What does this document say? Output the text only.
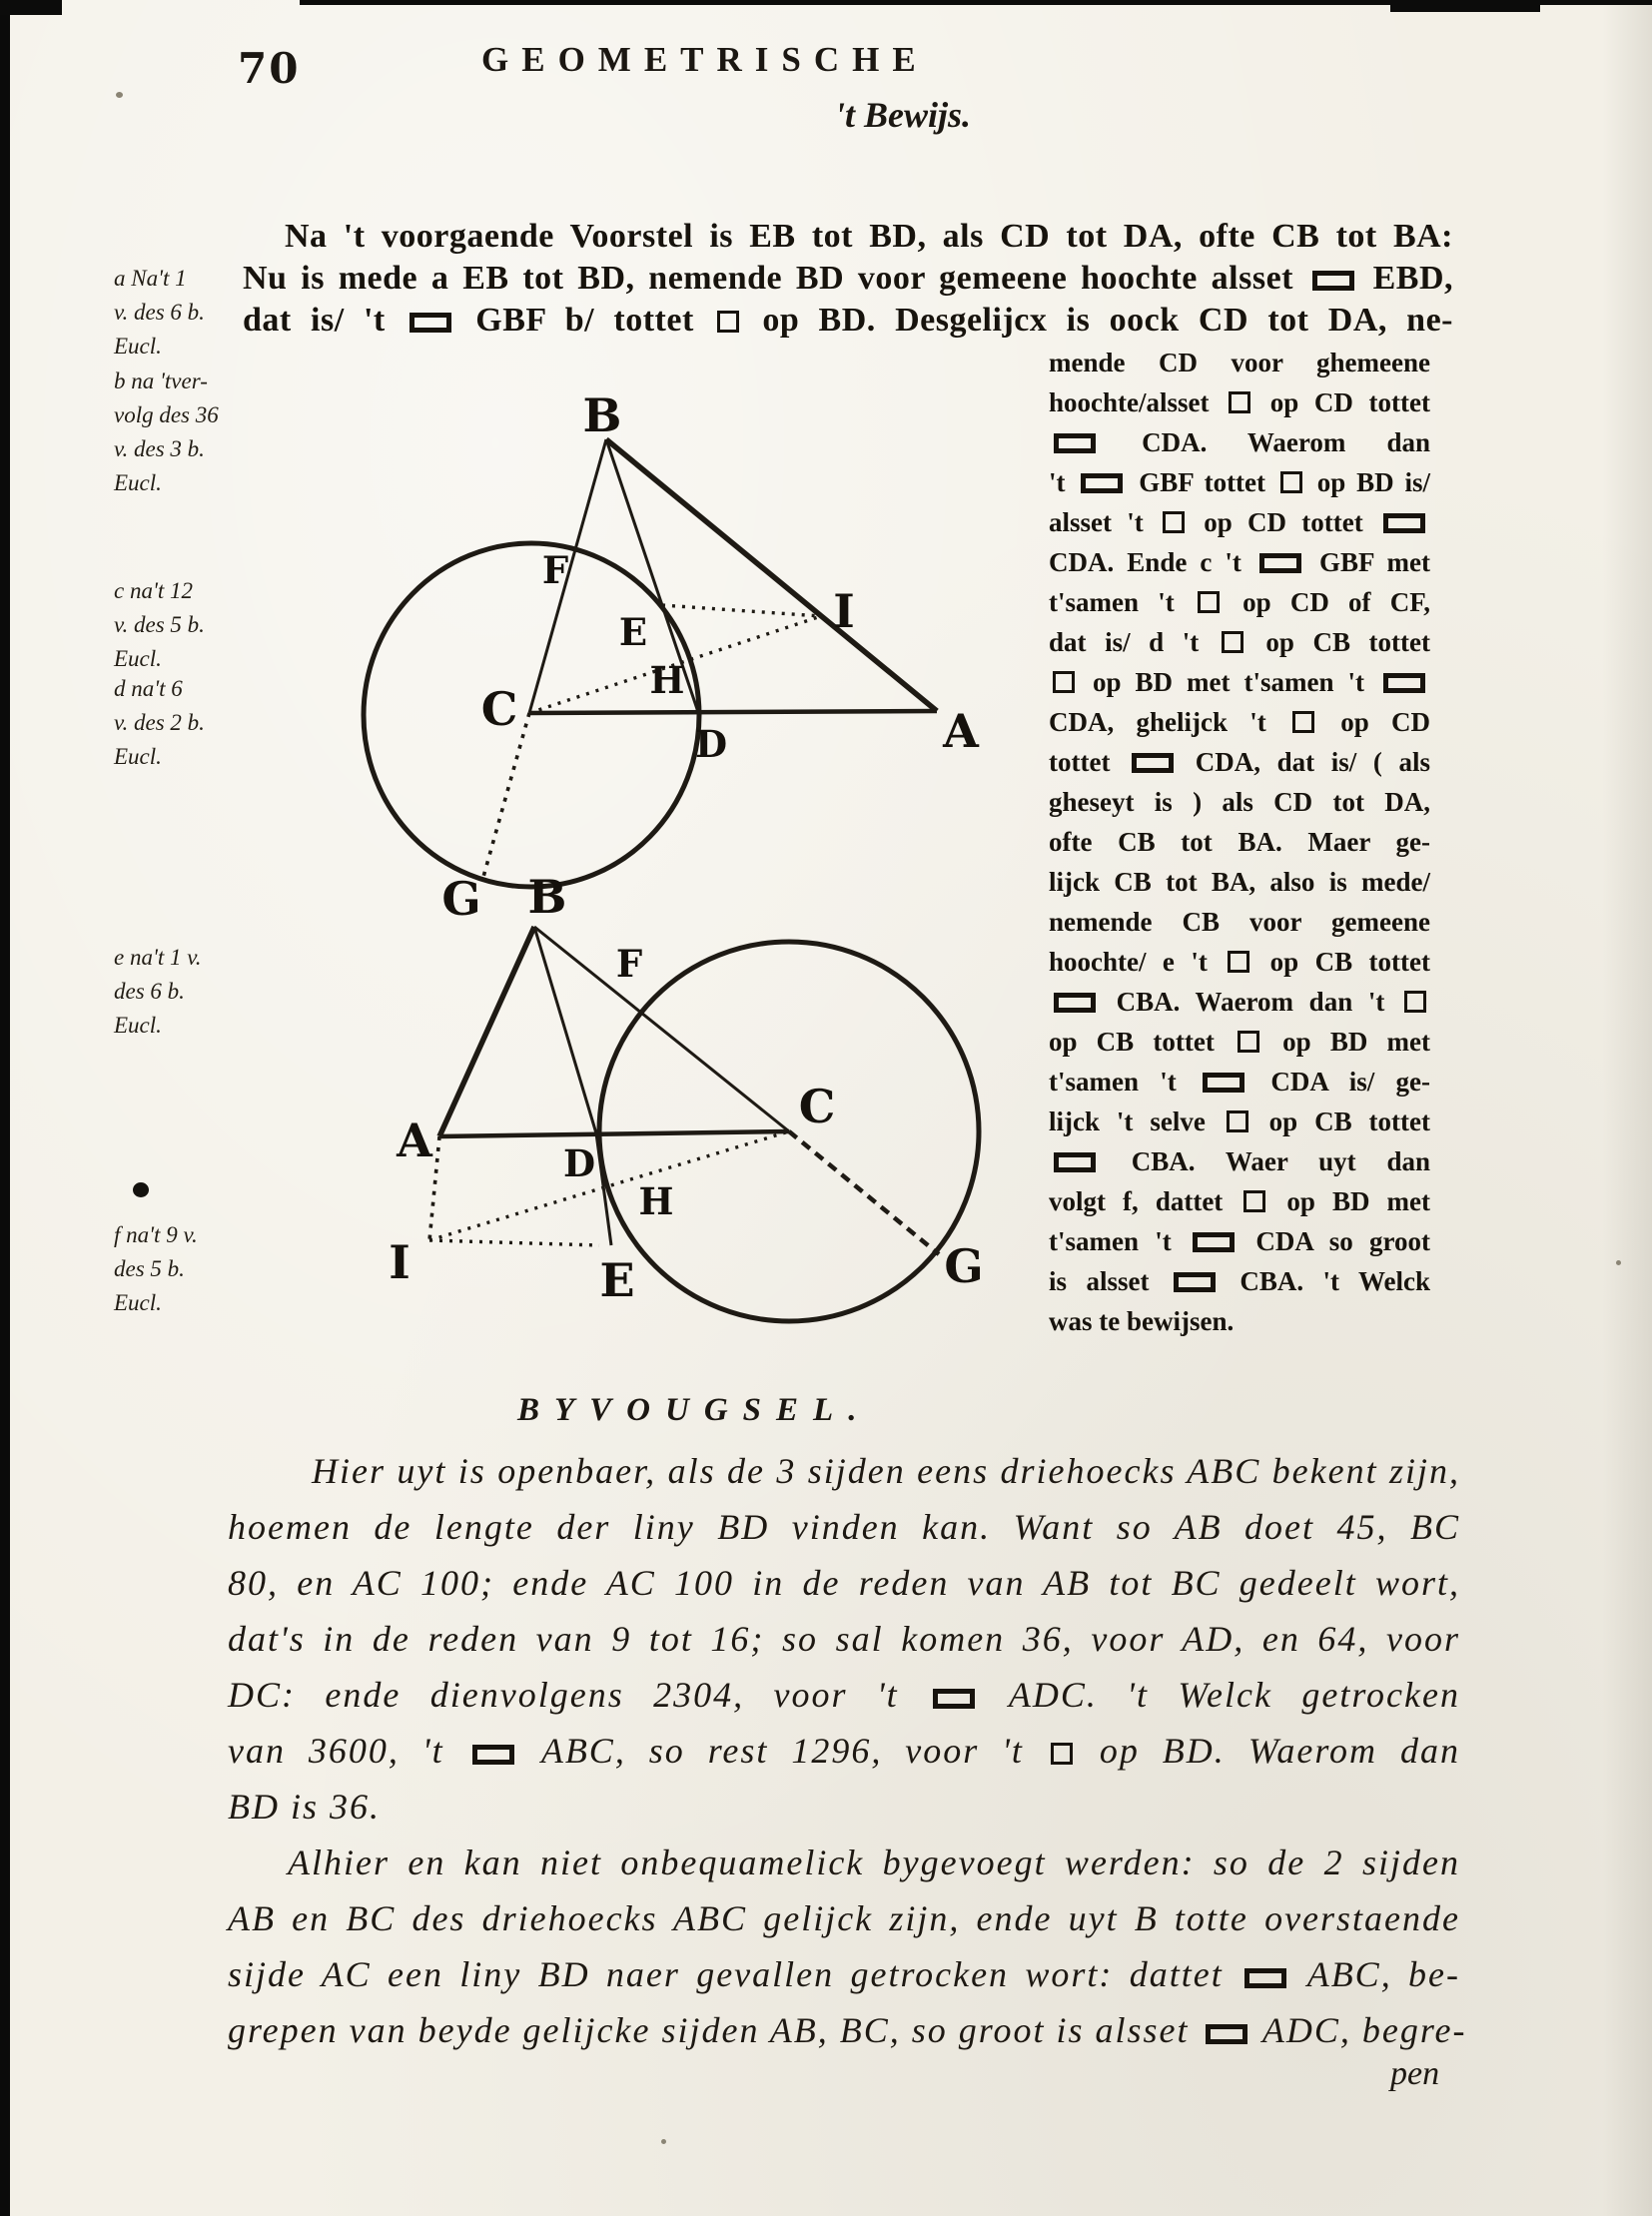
70	GEOMETRISCHE
't Bewijs.
Na 't voorgaende Voorstel is EB tot BD, als CD tot DA, ofte CB tot BA:
Nu is mede a EB tot BD, nemende BD voor gemeene hoochte alsset  EBD,
dat is/ 't  GBF b/ tottet  op BD. Desgelijcx is oock CD tot DA, ne-
mende CD voor ghemeene
hoochte/alsset  op CD tottet
CDA. Waerom dan
't  GBF tottet  op BD is/
alsset 't  op CD tottet
CDA. Ende c 't  GBF met
t'samen 't  op CD of CF,
dat is/ d 't  op CB tottet
op BD met t'samen 't
CDA, ghelijck 't  op CD
tottet  CDA, dat is/ ( als
gheseyt is ) als CD tot DA,
ofte CB tot BA. Maer ge-
lijck CB tot BA, also is mede/
nemende CB voor gemeene
hoochte/ e 't  op CB tottet
CBA. Waerom dan 't
op CB tottet  op BD met
t'samen 't  CDA is/ ge-
lijck 't selve  op CB tottet
CBA. Waer uyt dan
volgt f, dattet  op BD met
t'samen 't  CDA so groot
is alsset  CBA. 't Welck
was te bewijsen.
a Na't 1
v. des 6 b.
Eucl.
b na 'tver-
volg des 36
v. des 3 b.
Eucl.
c na't 12
v. des 5 b.
Eucl.
d na't 6
v. des 2 b.
Eucl.
e na't 1 v.
des 6 b.
Eucl.
f na't 9 v.
des 5 b.
Eucl.
B
F
E	I
C
H
D	A
G B
F
A	D
C
H
I	E	G
BYVOUGSEL.
Hier uyt is openbaer, als de 3 sijden eens driehoecks ABC bekent zijn,
hoemen de lengte der liny BD vinden kan. Want so AB doet 45, BC
80, en AC 100; ende AC 100 in de reden van AB tot BC gedeelt wort,
dat's in de reden van 9 tot 16; so sal komen 36, voor AD, en 64, voor
DC: ende dienvolgens 2304, voor 't  ADC. 't Welck getrocken
van 3600, 't  ABC, so rest 1296, voor 't  op BD. Waerom dan
BD is 36.
Alhier en kan niet onbequamelick bygevoegt werden: so de 2 sijden
AB en BC des driehoecks ABC gelijck zijn, ende uyt B totte overstaende
sijde AC een liny BD naer gevallen getrocken wort: dattet  ABC, be-
grepen van beyde gelijcke sijden AB, BC, so groot is alsset  ADC, begre-
pen
